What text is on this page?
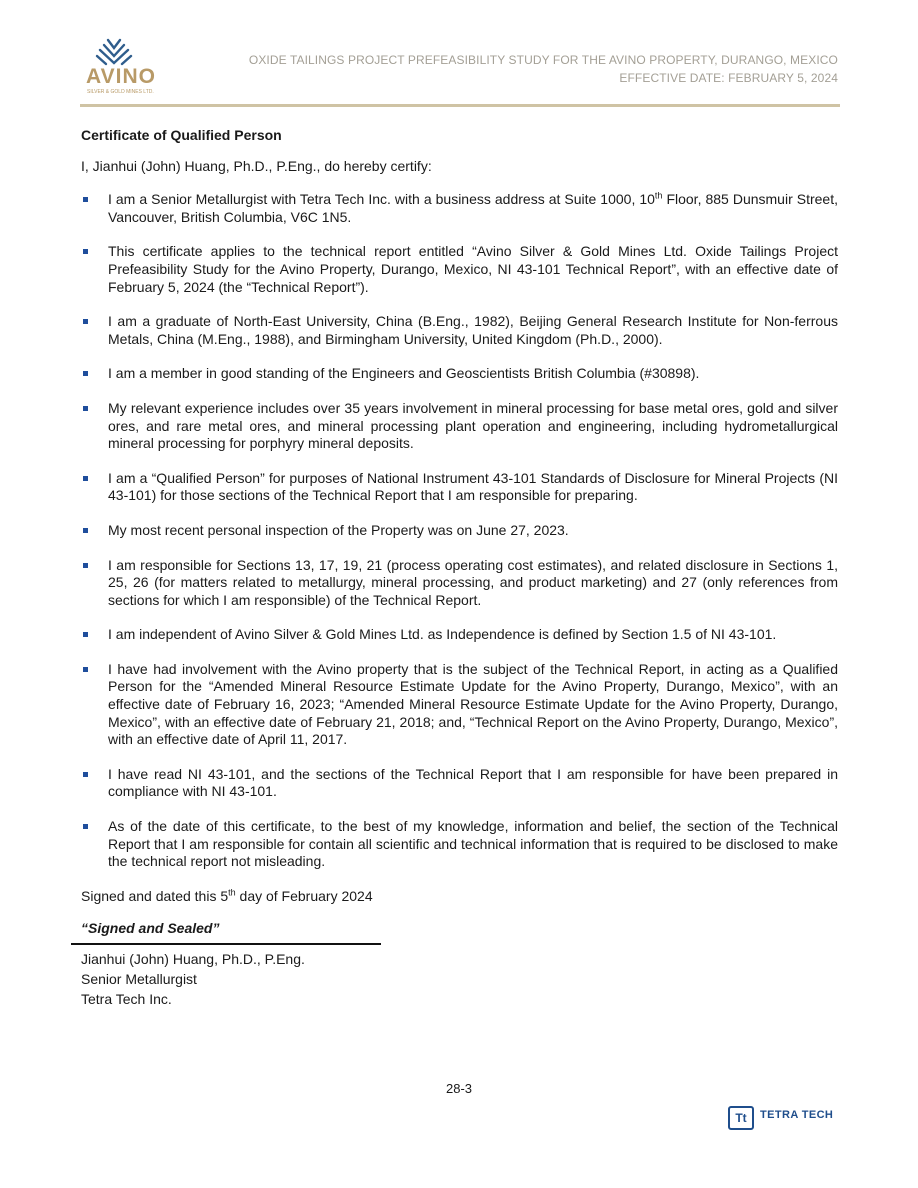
AVINO
SILVER & GOLD MINES LTD.
OXIDE TAILINGS PROJECT PREFEASIBILITY STUDY FOR THE AVINO PROPERTY, DURANGO, MEXICO
EFFECTIVE DATE: FEBRUARY 5, 2024

Certificate of Qualified Person

I, Jianhui (John) Huang, Ph.D., P.Eng., do hereby certify:

I am a Senior Metallurgist with Tetra Tech Inc. with a business address at Suite 1000, 10th Floor, 885 Dunsmuir Street, Vancouver, British Columbia, V6C 1N5.
This certificate applies to the technical report entitled “Avino Silver & Gold Mines Ltd. Oxide Tailings Project Prefeasibility Study for the Avino Property, Durango, Mexico, NI 43-101 Technical Report”, with an effective date of February 5, 2024 (the “Technical Report”).
I am a graduate of North-East University, China (B.Eng., 1982), Beijing General Research Institute for Non-ferrous Metals, China (M.Eng., 1988), and Birmingham University, United Kingdom (Ph.D., 2000).
I am a member in good standing of the Engineers and Geoscientists British Columbia (#30898).
My relevant experience includes over 35 years involvement in mineral processing for base metal ores, gold and silver ores, and rare metal ores, and mineral processing plant operation and engineering, including hydrometallurgical mineral processing for porphyry mineral deposits.
I am a “Qualified Person” for purposes of National Instrument 43-101 Standards of Disclosure for Mineral Projects (NI 43-101) for those sections of the Technical Report that I am responsible for preparing.
My most recent personal inspection of the Property was on June 27, 2023.
I am responsible for Sections 13, 17, 19, 21 (process operating cost estimates), and related disclosure in Sections 1, 25, 26 (for matters related to metallurgy, mineral processing, and product marketing) and 27 (only references from sections for which I am responsible) of the Technical Report.
I am independent of Avino Silver & Gold Mines Ltd. as Independence is defined by Section 1.5 of NI 43-101.
I have had involvement with the Avino property that is the subject of the Technical Report, in acting as a Qualified Person for the “Amended Mineral Resource Estimate Update for the Avino Property, Durango, Mexico”, with an effective date of February 16, 2023; “Amended Mineral Resource Estimate Update for the Avino Property, Durango, Mexico”, with an effective date of February 21, 2018; and, “Technical Report on the Avino Property, Durango, Mexico”, with an effective date of April 11, 2017.
I have read NI 43-101, and the sections of the Technical Report that I am responsible for have been prepared in compliance with NI 43-101.
As of the date of this certificate, to the best of my knowledge, information and belief, the section of the Technical Report that I am responsible for contain all scientific and technical information that is required to be disclosed to make the technical report not misleading.

Signed and dated this 5th day of February 2024

“Signed and Sealed”

Jianhui (John) Huang, Ph.D., P.Eng.
Senior Metallurgist
Tetra Tech Inc.
28-3
Tt	TETRA TECH
